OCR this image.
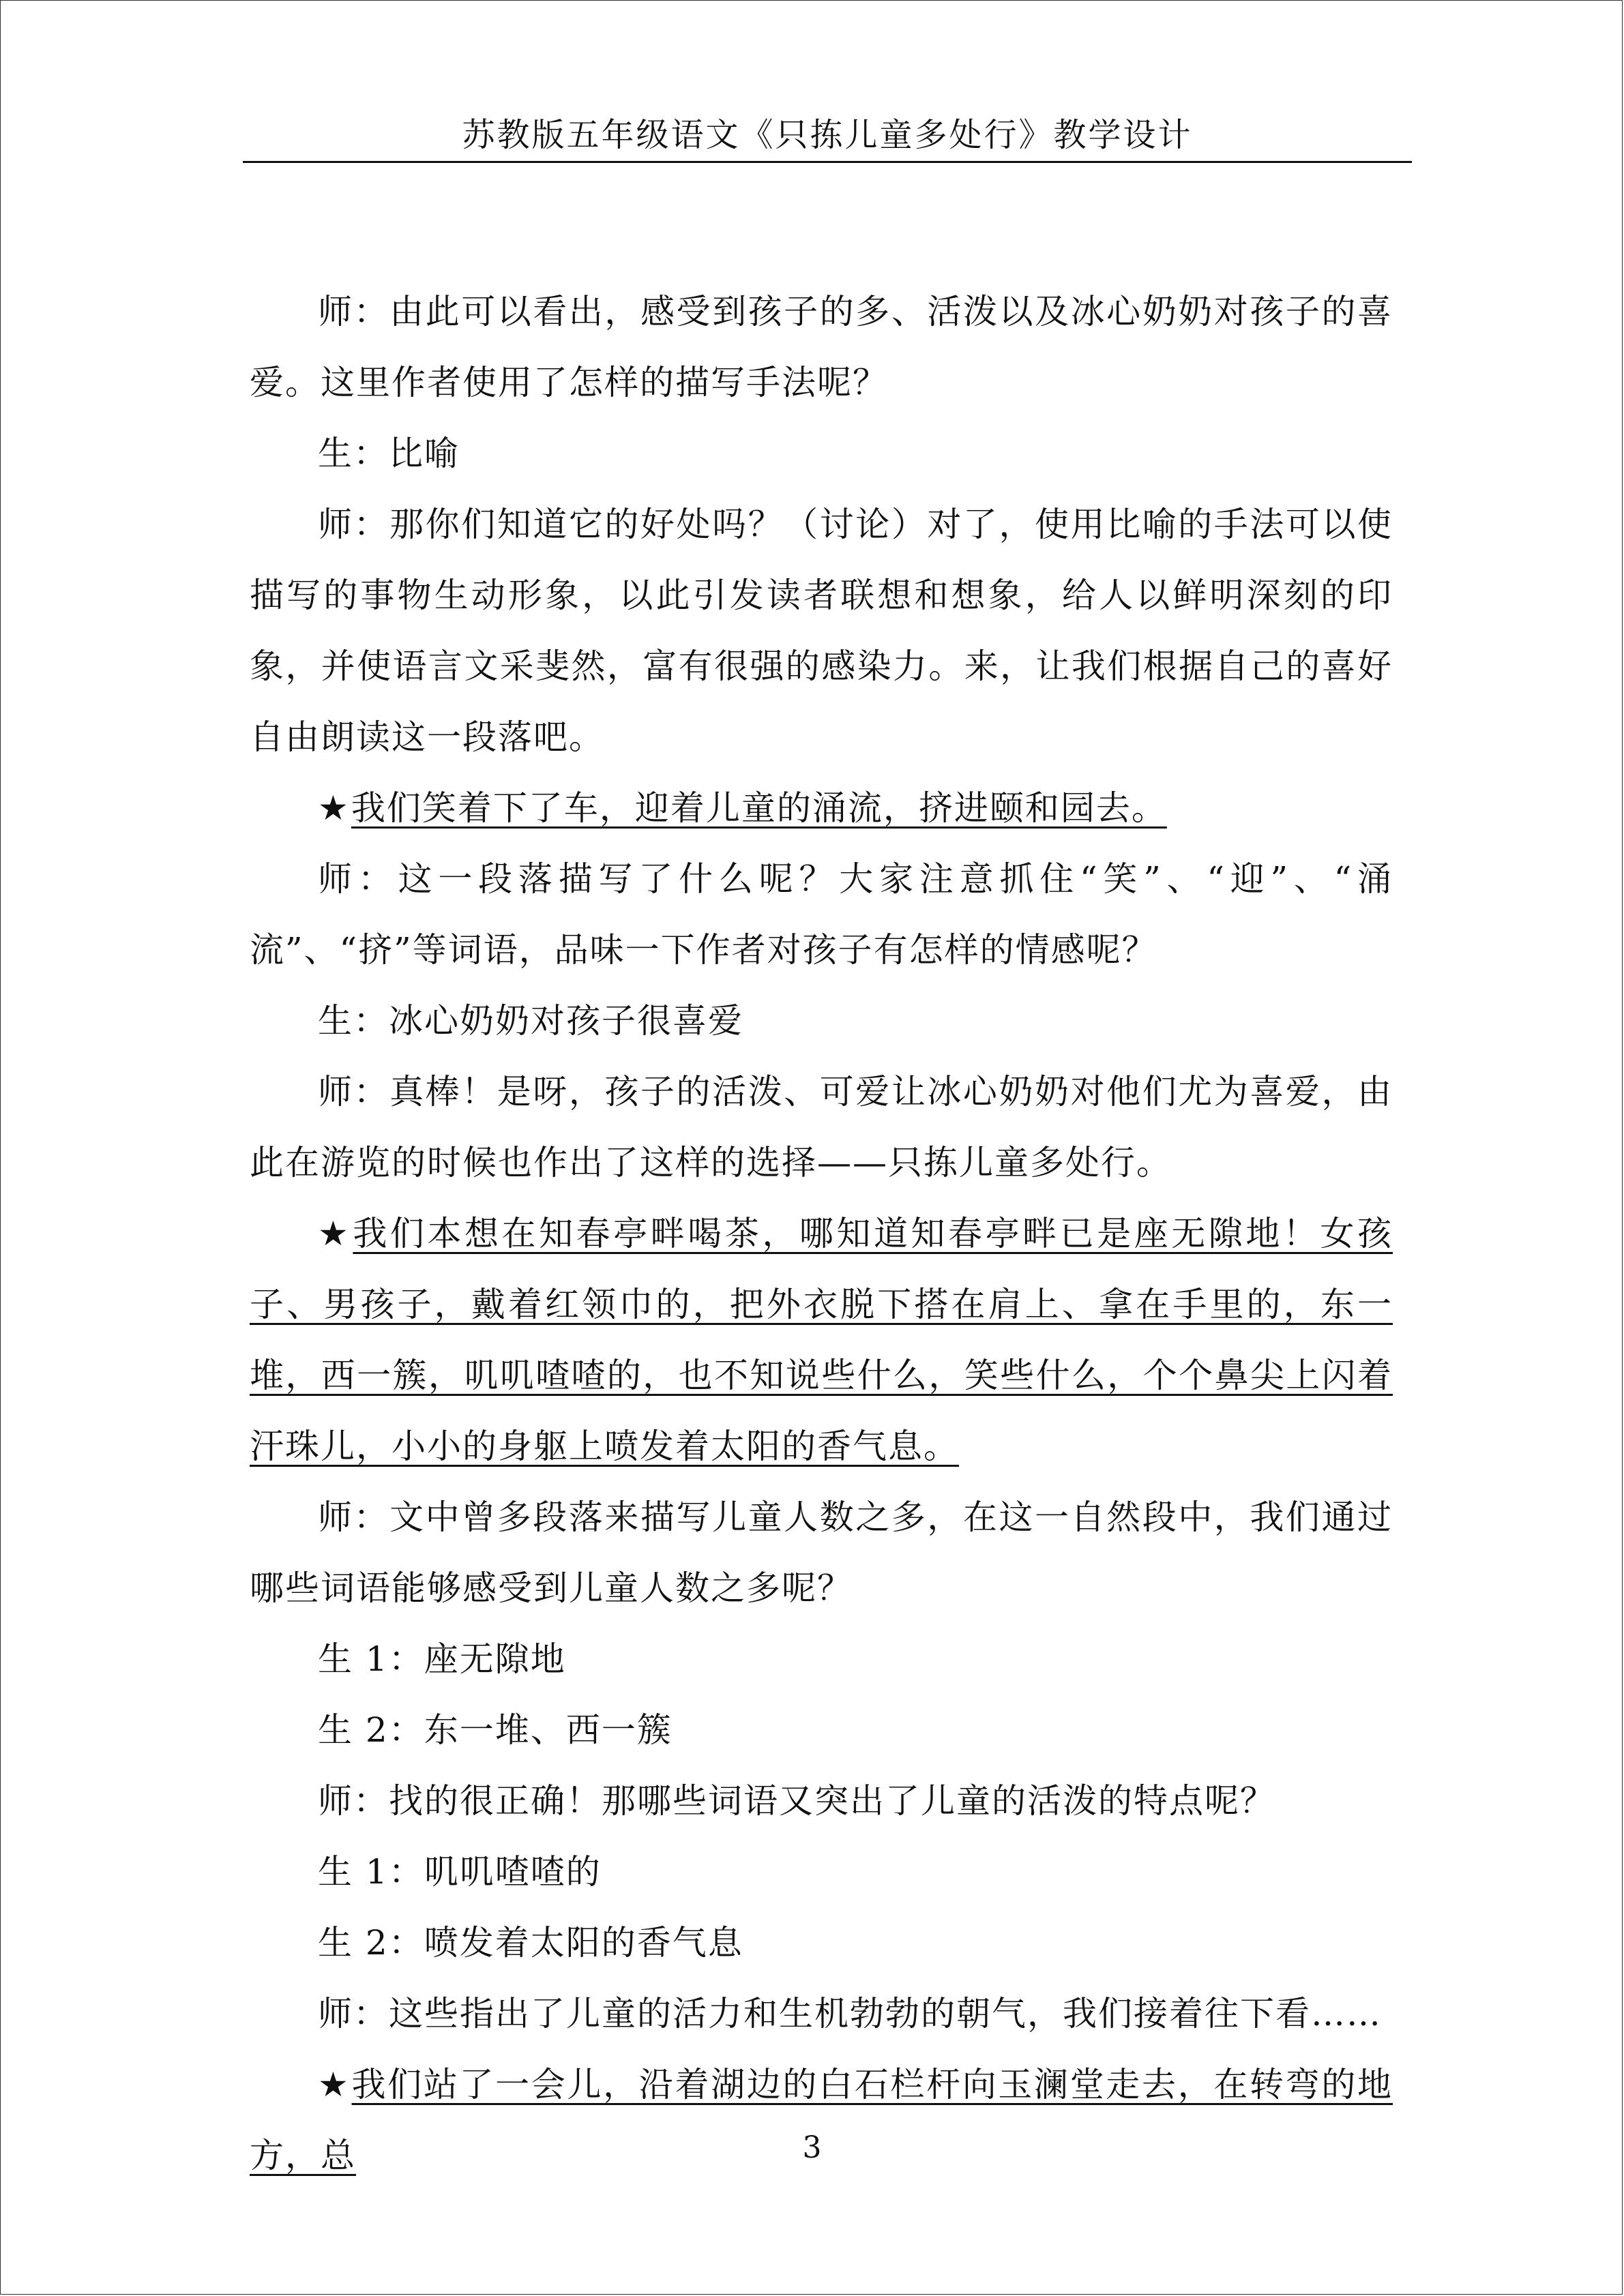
苏教版五年级语文《只拣儿童多处行》教学设计

师：由此可以看出，感受到孩子的多、活泼以及冰心奶奶对孩子的喜爱。这里作者使用了怎样的描写手法呢？

生：比喻

师：那你们知道它的好处吗？（讨论）对了，使用比喻的手法可以使描写的事物生动形象，以此引发读者联想和想象，给人以鲜明深刻的印象，并使语言文采斐然，富有很强的感染力。来，让我们根据自己的喜好自由朗读这一段落吧。

★我们笑着下了车，迎着儿童的涌流，挤进颐和园去。

师：这一段落描写了什么呢？大家注意抓住“笑”、“迎”、“涌流”、“挤”等词语，品味一下作者对孩子有怎样的情感呢？

生：冰心奶奶对孩子很喜爱

师：真棒！是呀，孩子的活泼、可爱让冰心奶奶对他们尤为喜爱，由此在游览的时候也作出了这样的选择——只拣儿童多处行。

★我们本想在知春亭畔喝茶，哪知道知春亭畔已是座无隙地！女孩子、男孩子，戴着红领巾的，把外衣脱下搭在肩上、拿在手里的，东一堆，西一簇，叽叽喳喳的，也不知说些什么，笑些什么，个个鼻尖上闪着汗珠儿，小小的身躯上喷发着太阳的香气息。

师：文中曾多段落来描写儿童人数之多，在这一自然段中，我们通过哪些词语能够感受到儿童人数之多呢？

生 1：座无隙地

生 2：东一堆、西一簇

师：找的很正确！那哪些词语又突出了儿童的活泼的特点呢？

生 1：叽叽喳喳的

生 2：喷发着太阳的香气息

师：这些指出了儿童的活力和生机勃勃的朝气，我们接着往下看……

★我们站了一会儿，沿着湖边的白石栏杆向玉澜堂走去，在转弯的地方，总	3
